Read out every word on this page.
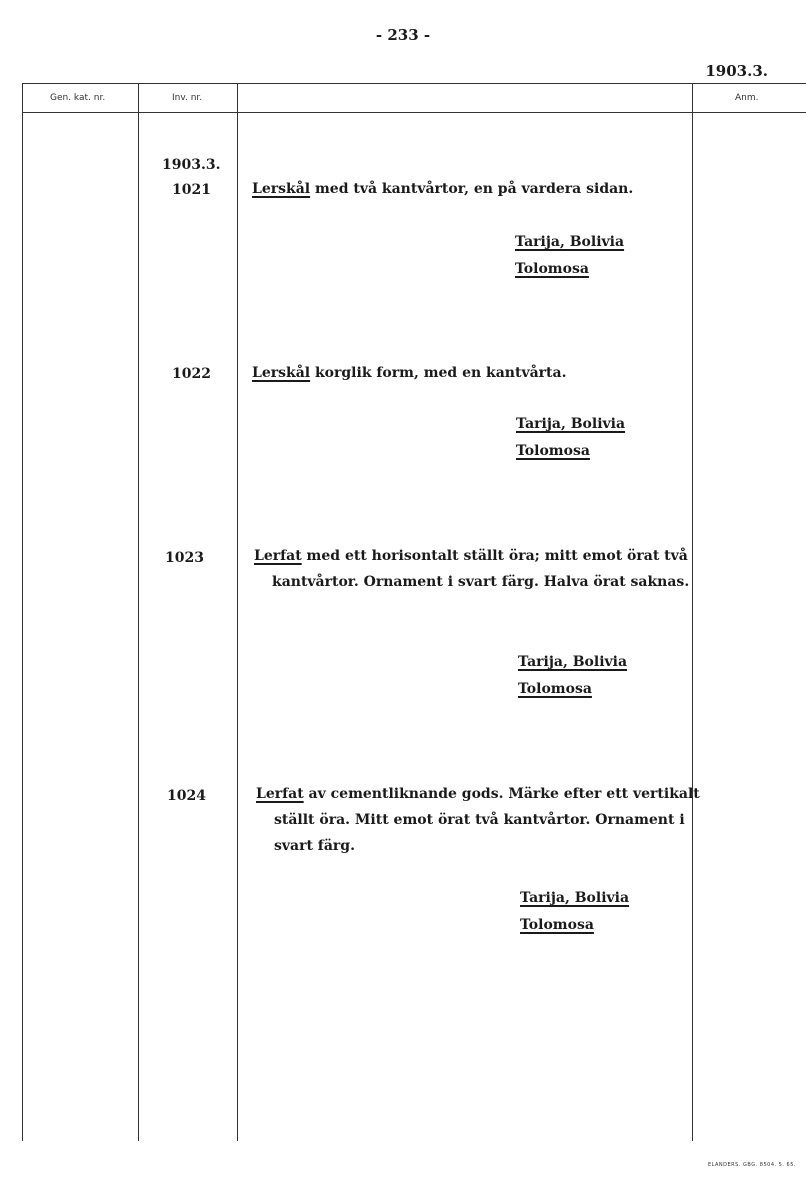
- 233 -
1903.3.
Gen. kat. nr.	Inv. nr.	Anm.
1903.3.
1021	Lerskål med två kantvårtor, en på vardera sidan.
Tarija, Bolivia
Tolomosa
1022	Lerskål korglik form, med en kantvårta.
Tarija, Bolivia
Tolomosa
1023	Lerfat med ett horisontalt ställt öra; mitt emot örat två kantvårtor. Ornament i svart färg. Halva örat saknas.
Tarija, Bolivia
Tolomosa
1024	Lerfat av cementliknande gods. Märke efter ett vertikalt ställt öra. Mitt emot örat två kantvårtor. Ornament i svart färg.
Tarija, Bolivia
Tolomosa
ELANDERS. GBG. 8504. 5. 65.
